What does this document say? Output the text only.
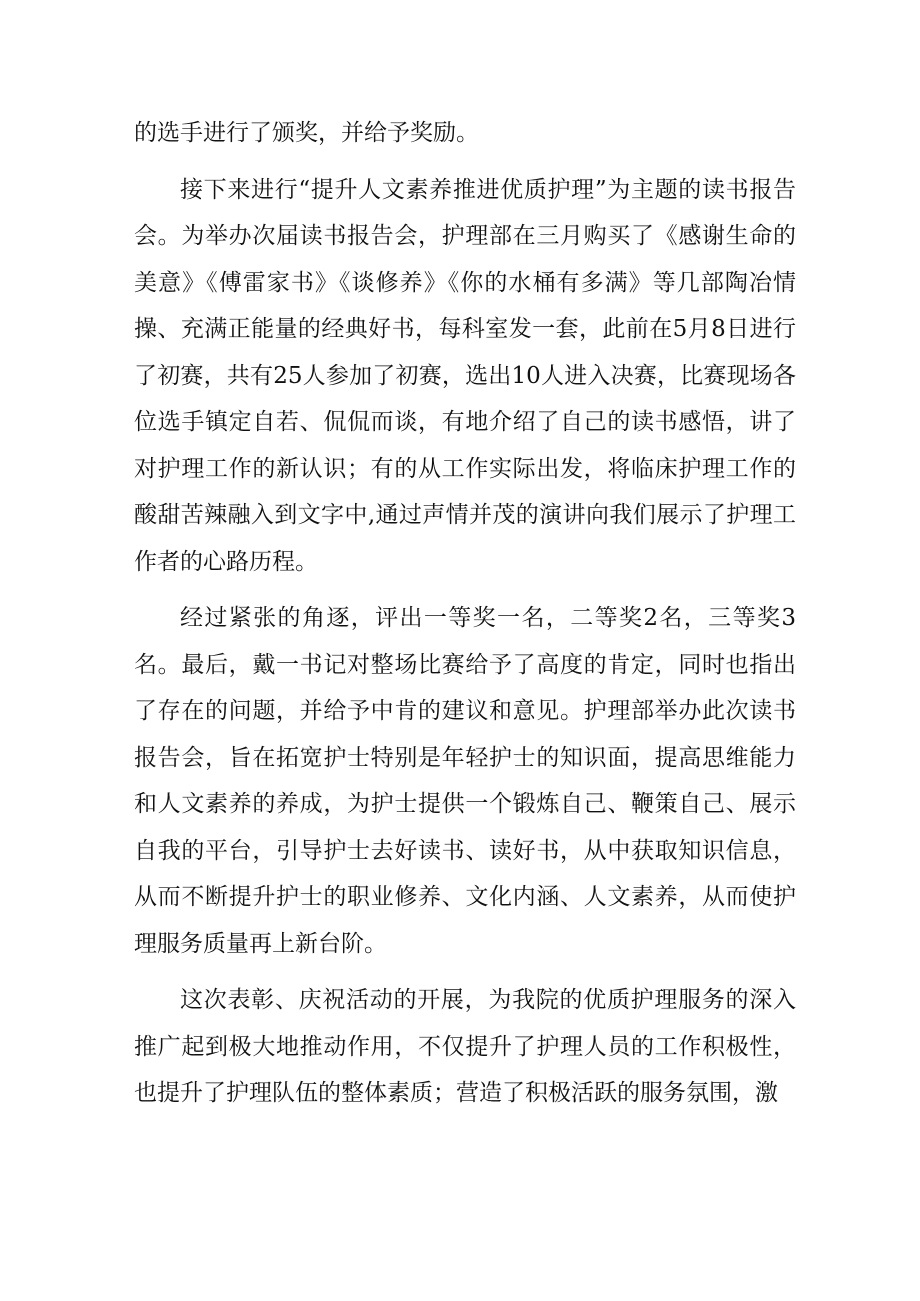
的选手进行了颁奖，并给予奖励。

接下来进行“提升人文素养推进优质护理”为主题的读书报告会。为举办次届读书报告会，护理部在三月购买了《感谢生命的美意》《傅雷家书》《谈修养》《你的水桶有多满》等几部陶冶情操、充满正能量的经典好书，每科室发一套，此前在5月8日进行了初赛，共有25人参加了初赛，选出10人进入决赛，比赛现场各位选手镇定自若、侃侃而谈，有地介绍了自己的读书感悟，讲了对护理工作的新认识；有的从工作实际出发，将临床护理工作的酸甜苦辣融入到文字中,通过声情并茂的演讲向我们展示了护理工作者的心路历程。

经过紧张的角逐，评出一等奖一名，二等奖2名，三等奖3名。最后，戴一书记对整场比赛给予了高度的肯定，同时也指出了存在的问题，并给予中肯的建议和意见。护理部举办此次读书报告会，旨在拓宽护士特别是年轻护士的知识面，提高思维能力和人文素养的养成，为护士提供一个锻炼自己、鞭策自己、展示自我的平台，引导护士去好读书、读好书，从中获取知识信息，从而不断提升护士的职业修养、文化内涵、人文素养，从而使护理服务质量再上新台阶。

这次表彰、庆祝活动的开展，为我院的优质护理服务的深入推广起到极大地推动作用，不仅提升了护理人员的工作积极性，也提升了护理队伍的整体素质；营造了积极活跃的服务氛围，激
